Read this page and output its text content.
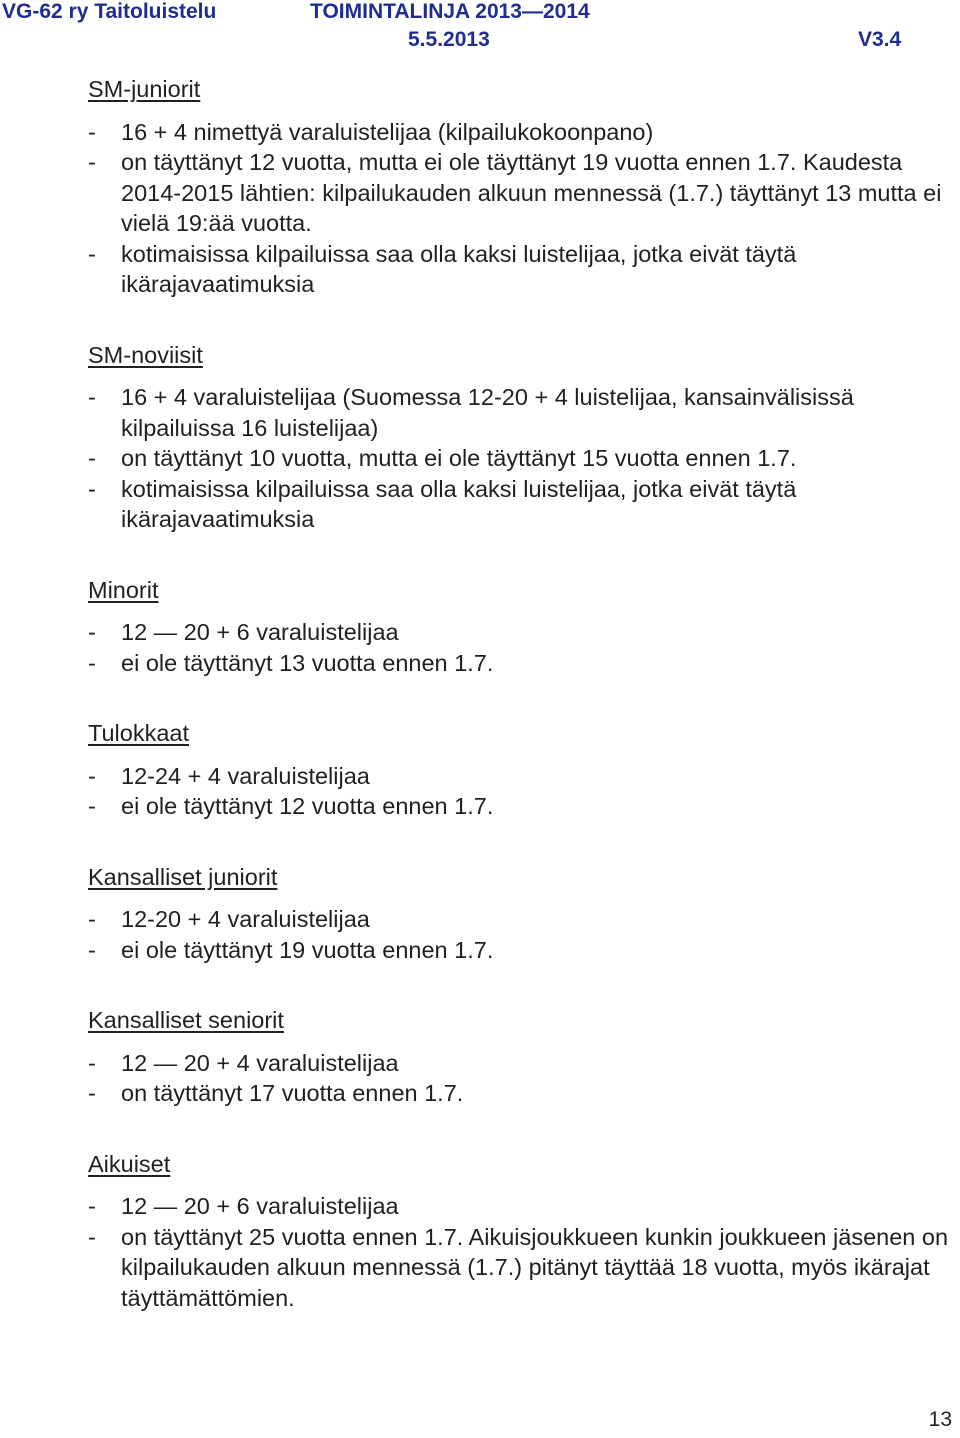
VG-62 ry Taitoluistelu	TOIMINTALINJA 2013—2014
5.5.2013	V3.4
SM-juniorit
-	16 + 4 nimettyä varaluistelijaa (kilpailukokoonpano)
-	on täyttänyt 12 vuotta, mutta ei ole täyttänyt 19 vuotta ennen 1.7. Kaudesta 2014-2015 lähtien: kilpailukauden alkuun mennessä (1.7.) täyttänyt 13 mutta ei vielä 19:ää vuotta.
-	kotimaisissa kilpailuissa saa olla kaksi luistelijaa, jotka eivät täytä ikärajavaatimuksia
SM-noviisit
-	16 + 4 varaluistelijaa (Suomessa 12-20 + 4 luistelijaa, kansainvälisissä kilpailuissa 16 luistelijaa)
-	on täyttänyt 10 vuotta, mutta ei ole täyttänyt 15 vuotta ennen 1.7.
-	kotimaisissa kilpailuissa saa olla kaksi luistelijaa, jotka eivät täytä ikärajavaatimuksia
Minorit
-	12 — 20 + 6 varaluistelijaa
-	ei ole täyttänyt 13 vuotta ennen 1.7.
Tulokkaat
-	12-24 + 4 varaluistelijaa
-	ei ole täyttänyt 12 vuotta ennen 1.7.
Kansalliset juniorit
-	12-20 + 4 varaluistelijaa
-	ei ole täyttänyt 19 vuotta ennen 1.7.
Kansalliset seniorit
-	12 — 20 + 4 varaluistelijaa
-	on täyttänyt 17 vuotta ennen 1.7.
Aikuiset
-	12 — 20 + 6 varaluistelijaa
-	on täyttänyt 25 vuotta ennen 1.7. Aikuisjoukkueen kunkin joukkueen jäsenen on kilpailukauden alkuun mennessä (1.7.) pitänyt täyttää 18 vuotta, myös ikärajat täyttämättömien.
13
